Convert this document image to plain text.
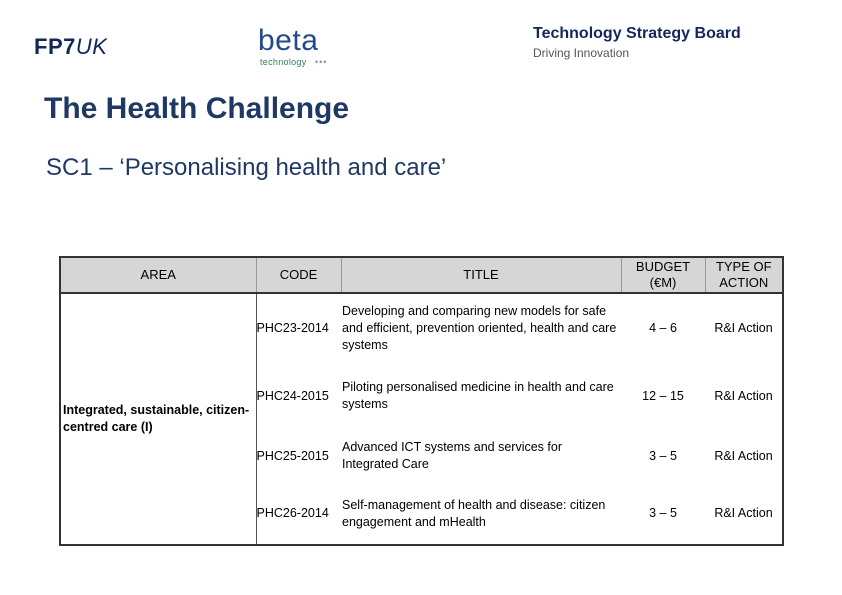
FP7UK	beta
technology •••
Technology Strategy Board
Driving Innovation
The Health Challenge
SC1 – ‘Personalising health and care’
AREA	CODE	TITLE	BUDGET (€M)	TYPE OF ACTION
Integrated, sustainable, citizen-centred care (I)	PHC23-2014	Developing and comparing new models for safe and efficient, prevention oriented, health and care systems	4 – 6	R&I Action
	PHC24-2015	Piloting personalised medicine in health and care systems	12 – 15	R&I Action
	PHC25-2015	Advanced ICT systems and services for Integrated Care	3 – 5	R&I Action
	PHC26-2014	Self-management of health and disease: citizen engagement and mHealth	3 – 5	R&I Action
